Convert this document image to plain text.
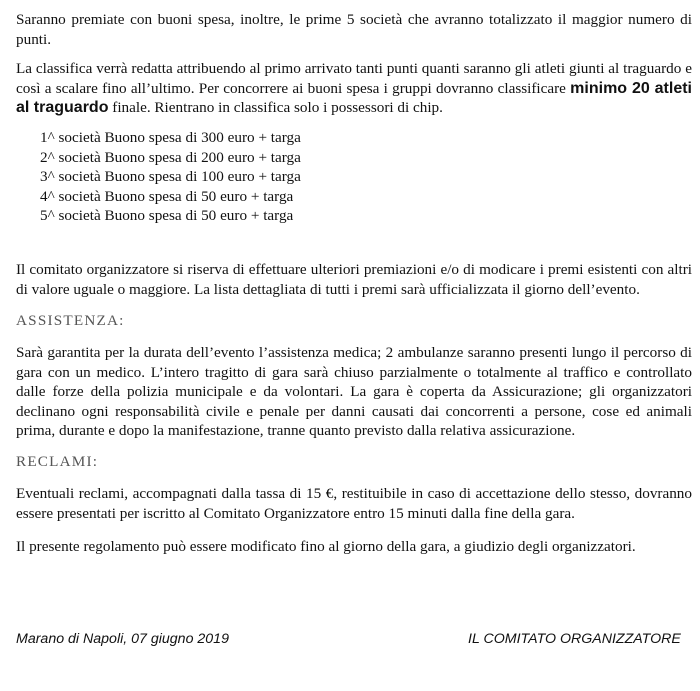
Saranno premiate con buoni spesa, inoltre, le prime 5 società che avranno totalizzato il maggior numero di punti.

La classifica verrà redatta attribuendo al primo arrivato tanti punti quanti saranno gli atleti giunti al traguardo e così a scalare fino all’ultimo. Per concorrere ai buoni spesa i gruppi dovranno classificare minimo 20 atleti al traguardo finale. Rientrano in classifica solo i possessori di chip.

1^ società Buono spesa di 300 euro + targa
2^ società Buono spesa di 200 euro + targa
3^ società Buono spesa di 100 euro + targa
4^ società Buono spesa di 50 euro + targa
5^ società Buono spesa di 50 euro + targa

Il comitato organizzatore si riserva di effettuare ulteriori premiazioni e/o di modicare i premi esistenti con altri di valore uguale o maggiore. La lista dettagliata di tutti i premi sarà ufficializzata il giorno dell’evento.

ASSISTENZA:

Sarà garantita per la durata dell’evento l’assistenza medica; 2 ambulanze saranno presenti lungo il percorso di gara con un medico. L’intero tragitto di gara sarà chiuso parzialmente o totalmente al traffico e controllato dalle forze della polizia municipale e da volontari. La gara è coperta da Assicurazione; gli organizzatori declinano ogni responsabilità civile e penale per danni causati dai concorrenti a persone, cose ed animali prima, durante e dopo la manifestazione, tranne quanto previsto dalla relativa assicurazione.

RECLAMI:

Eventuali reclami, accompagnati dalla tassa di 15 €, restituibile in caso di accettazione dello stesso, dovranno essere presentati per iscritto al Comitato Organizzatore entro 15 minuti dalla fine della gara.

Il presente regolamento può essere modificato fino al giorno della gara, a giudizio degli organizzatori.

Marano di Napoli, 07 giugno 2019	IL COMITATO ORGANIZZATORE
